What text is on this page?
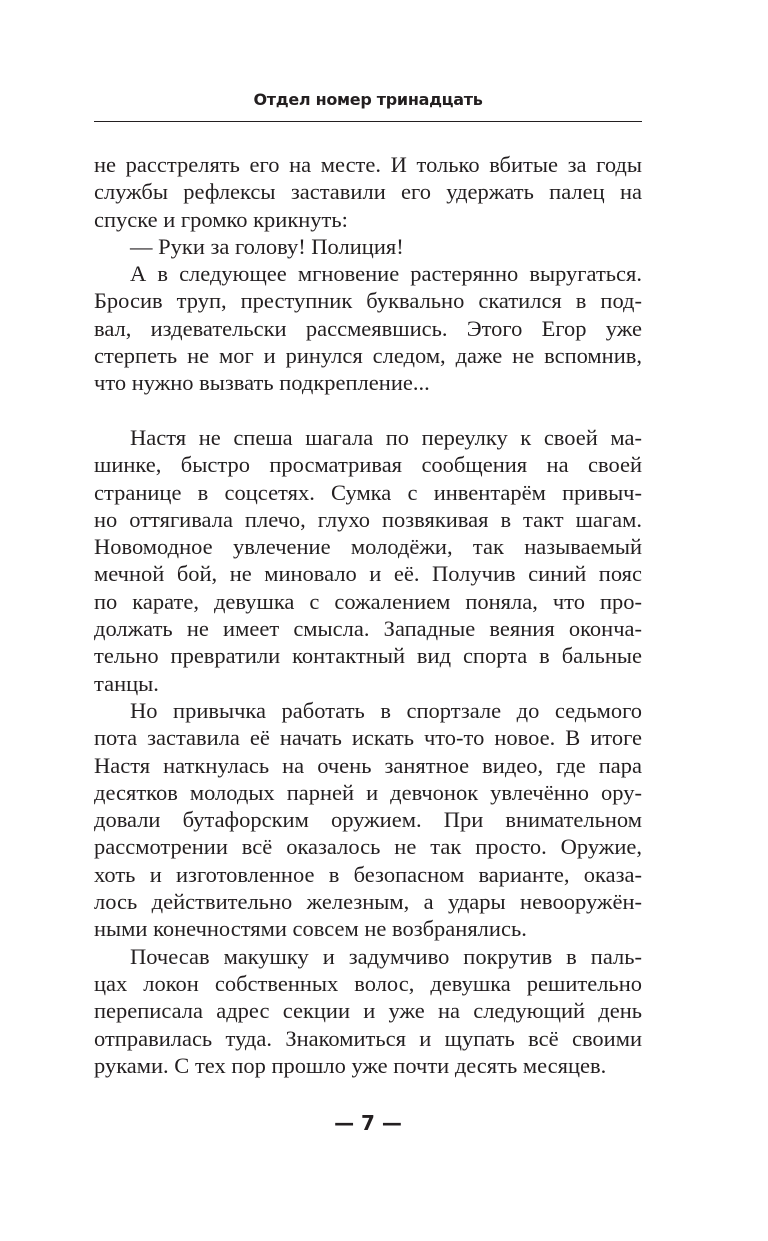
Отдел номер тринадцать
не расстрелять его на месте. И только вбитые за годы
службы рефлексы заставили его удержать палец на
спуске и громко крикнуть:
— Руки за голову! Полиция!
А в следующее мгновение растерянно выругаться.
Бросив труп, преступник буквально скатился в под-
вал, издевательски рассмеявшись. Этого Егор уже
стерпеть не мог и ринулся следом, даже не вспомнив,
что нужно вызвать подкрепление...
Настя не спеша шагала по переулку к своей ма-
шинке, быстро просматривая сообщения на своей
странице в соцсетях. Сумка с инвентарём привыч-
но оттягивала плечо, глухо позвякивая в такт шагам.
Новомодное увлечение молодёжи, так называемый
мечной бой, не миновало и её. Получив синий пояс
по карате, девушка с сожалением поняла, что про-
должать не имеет смысла. Западные веяния оконча-
тельно превратили контактный вид спорта в бальные
танцы.
Но привычка работать в спортзале до седьмого
пота заставила её начать искать что-то новое. В итоге
Настя наткнулась на очень занятное видео, где пара
десятков молодых парней и девчонок увлечённо ору-
довали бутафорским оружием. При внимательном
рассмотрении всё оказалось не так просто. Оружие,
хоть и изготовленное в безопасном варианте, оказа-
лось действительно железным, а удары невооружён-
ными конечностями совсем не возбранялись.
Почесав макушку и задумчиво покрутив в паль-
цах локон собственных волос, девушка решительно
переписала адрес секции и уже на следующий день
отправилась туда. Знакомиться и щупать всё своими
руками. С тех пор прошло уже почти десять месяцев.
— 7 —
